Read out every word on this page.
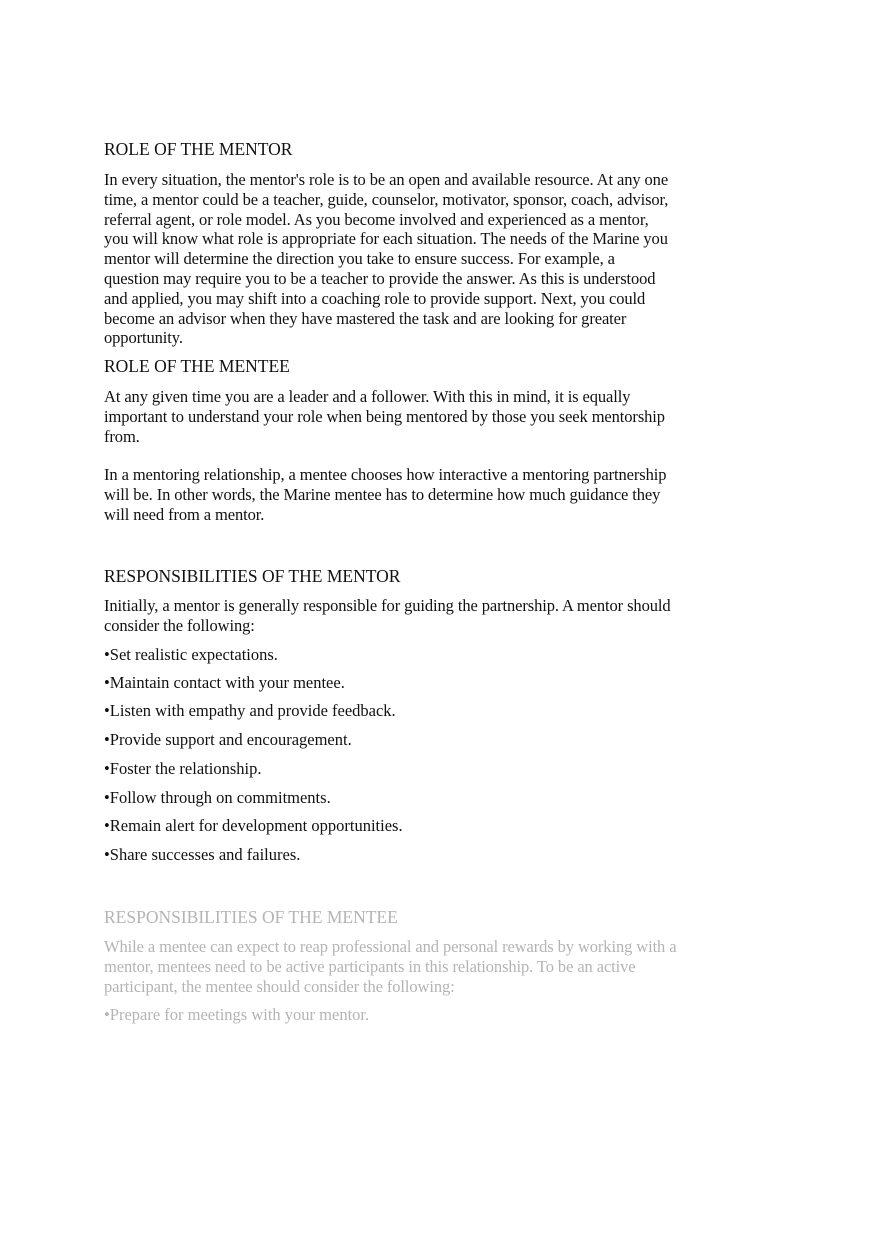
ROLE OF THE MENTOR
In every situation, the mentor's role is to be an open and available resource. At any one
time, a mentor could be a teacher, guide, counselor, motivator, sponsor, coach, advisor,
referral agent, or role model. As you become involved and experienced as a mentor,
you will know what role is appropriate for each situation. The needs of the Marine you
mentor will determine the direction you take to ensure success. For example, a
question may require you to be a teacher to provide the answer. As this is understood
and applied, you may shift into a coaching role to provide support. Next, you could
become an advisor when they have mastered the task and are looking for greater
opportunity.
ROLE OF THE MENTEE
At any given time you are a leader and a follower. With this in mind, it is equally
important to understand your role when being mentored by those you seek mentorship
from.
In a mentoring relationship, a mentee chooses how interactive a mentoring partnership
will be. In other words, the Marine mentee has to determine how much guidance they
will need from a mentor.
RESPONSIBILITIES OF THE MENTOR
Initially, a mentor is generally responsible for guiding the partnership. A mentor should
consider the following:
•Set realistic expectations.
•Maintain contact with your mentee.
•Listen with empathy and provide feedback.
•Provide support and encouragement.
•Foster the relationship.
•Follow through on commitments.
•Remain alert for development opportunities.
•Share successes and failures.
RESPONSIBILITIES OF THE MENTEE
While a mentee can expect to reap professional and personal rewards by working with a
mentor, mentees need to be active participants in this relationship. To be an active
participant, the mentee should consider the following:
•Prepare for meetings with your mentor.
